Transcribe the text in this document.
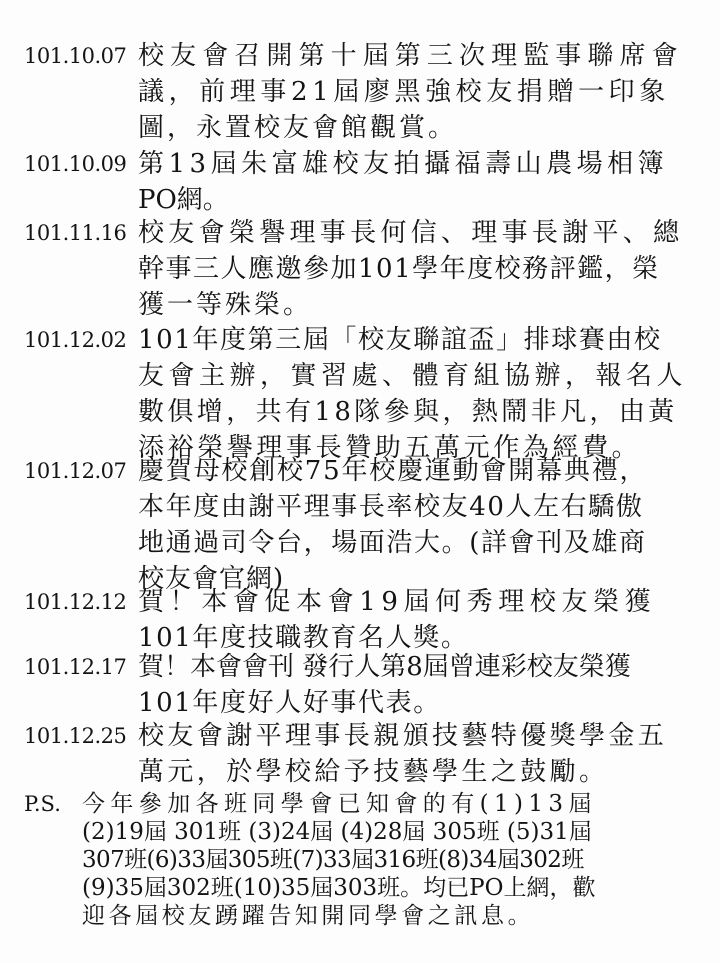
101.10.07 校友會召開第十屆第三次理監事聯席會
議，前理事21屆廖黑強校友捐贈一印象
圖，永置校友會館觀賞。
101.10.09 第13屆朱富雄校友拍攝福壽山農場相簿
PO網。
101.11.16 校友會榮譽理事長何信、理事長謝平、總
幹事三人應邀參加101學年度校務評鑑，榮
獲一等殊榮。
101.12.02 101年度第三屆「校友聯誼盃」排球賽由校
友會主辦，實習處、體育組協辦，報名人
數俱增，共有18隊參與，熱鬧非凡，由黃
添裕榮譽理事長贊助五萬元作為經費。
101.12.07 慶賀母校創校75年校慶運動會開幕典禮，
本年度由謝平理事長率校友40人左右驕傲
地通過司令台，場面浩大。(詳會刊及雄商
校友會官網)
101.12.12 賀！本會促本會19屆何秀理校友榮獲
101年度技職教育名人獎。
101.12.17 賀！本會會刊 發行人第8屆曾連彩校友榮獲
101年度好人好事代表。
101.12.25 校友會謝平理事長親頒技藝特優獎學金五
萬元，於學校給予技藝學生之鼓勵。
P.S. 今年參加各班同學會已知會的有(1)13屆
(2)19屆 301班 (3)24屆 (4)28屆 305班 (5)31屆
307班(6)33屆305班(7)33屆316班(8)34屆302班
(9)35屆302班(10)35屆303班。均已PO上網，歡
迎各屆校友踴躍告知開同學會之訊息。
